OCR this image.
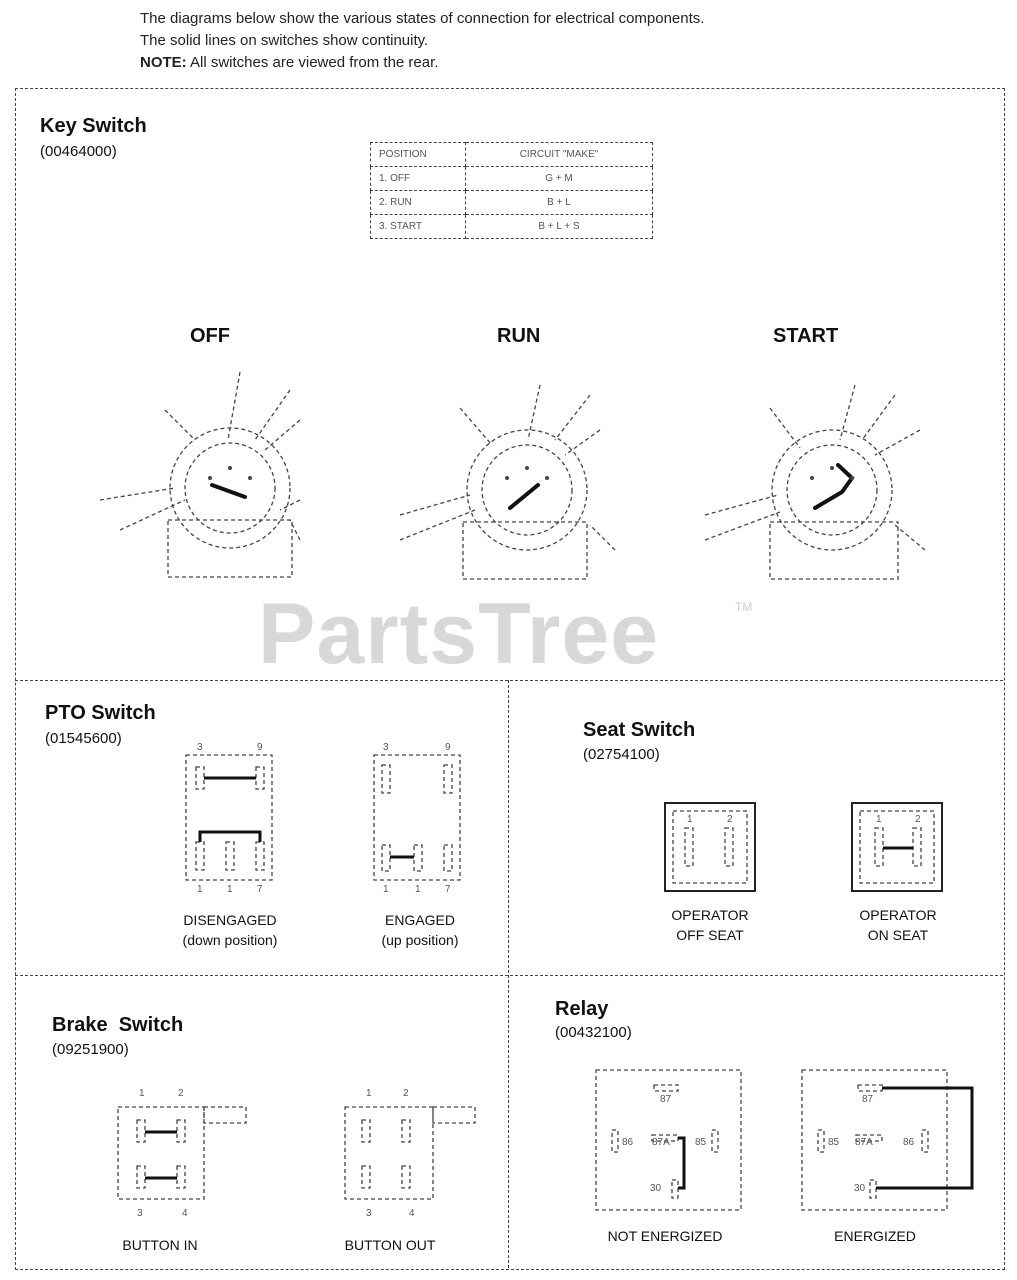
The diagrams below show the various states of connection for electrical components.
The solid lines on switches show continuity.
NOTE: All switches are viewed from the rear.
PartsTree	TM
Key Switch
(00464000)	POSITION	CIRCUIT "MAKE"
1. OFF	G + M
2. RUN	B + L
3. START	B + L + S
OFF	RUN	START
PTO Switch
(01545600)
3	9
1 1 7
3	9
1	1 7
DISENGAGED
(down position)
ENGAGED
(up position)
Seat Switch
(02754100)
1	2	1	2
OPERATOR
OFF SEAT
OPERATOR
ON SEAT
Brake  Switch
(09251900)
1	2
3	4
1	2
3	4
BUTTON IN	BUTTON OUT
Relay
(00432100)
87
86 87A	85
30
87
85 87A	86
30
NOT ENERGIZED	ENERGIZED
